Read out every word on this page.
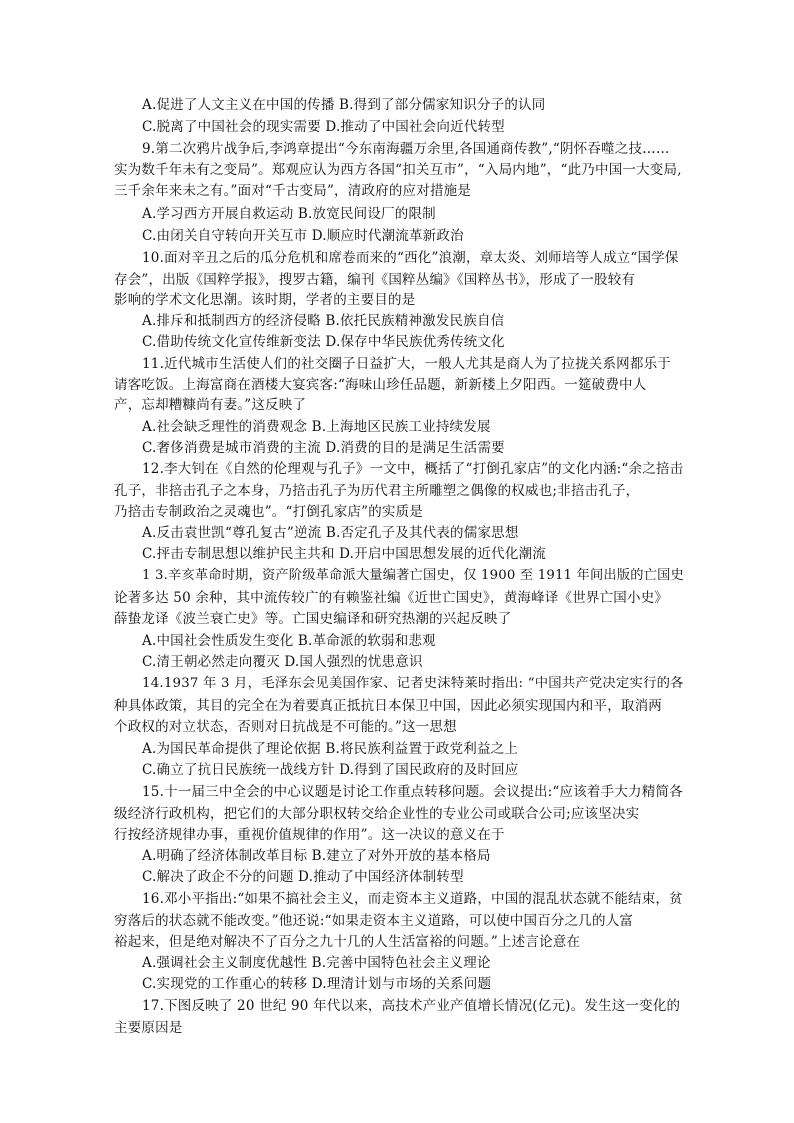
A.促进了人文主义在中国的传播 B.得到了部分儒家知识分子的认同
C.脱离了中国社会的现实需要 D.推动了中国社会向近代转型
9.第二次鸦片战争后,李鸿章提出“今东南海疆万余里,各国通商传教”,“阴怀吞噬之技……
实为数千年未有之变局”。郑观应认为西方各国“扣关互市”，“入局内地”，“此乃中国一大变局,
三千余年来未之有。”面对“千古变局”，清政府的应对措施是
A.学习西方开展自救运动 B.放宽民间设厂的限制
C.由闭关自守转向开关互市 D.顺应时代潮流革新政治
10.面对辛丑之后的瓜分危机和席卷而来的“西化”浪潮，章太炎、刘师培等人成立“国学保
存会”，出版《国粹学报》，搜罗古籍，编刊《国粹丛编》《国粹丛书》，形成了一股较有
影响的学术文化思潮。该时期，学者的主要目的是
A.排斥和抵制西方的经济侵略 B.依托民族精神激发民族自信
C.借助传统文化宣传维新变法 D.保存中华民族优秀传统文化
11.近代城市生活使人们的社交圈子日益扩大，一般人尤其是商人为了拉拢关系网都乐于
请客吃饭。上海富商在酒楼大宴宾客:“海味山珍任品题，新新楼上夕阳西。一筵破费中人
产，忘却糟糠尚有妻。”这反映了
A.社会缺乏理性的消费观念 B.上海地区民族工业持续发展
C.奢侈消费是城市消费的主流 D.消费的目的是满足生活需要
12.李大钊在《自然的伦理观与孔子》一文中，概括了“打倒孔家店”的文化内涵:“余之掊击
孔子，非掊击孔子之本身，乃掊击孔子为历代君主所雕塑之偶像的权威也;非掊击孔子，
乃掊击专制政治之灵魂也”。“打倒孔家店”的实质是
A.反击袁世凯“尊孔复古”逆流 B.否定孔子及其代表的儒家思想
C.抨击专制思想以维护民主共和 D.开启中国思想发展的近代化潮流
1 3.辛亥革命时期，资产阶级革命派大量编著亡国史，仅 1900 至 1911 年间出版的亡国史
论著多达 50 余种，其中流传较广的有赖鉴社编《近世亡国史》，黄海峰译《世界亡国小史》
薛蛰龙译《波兰衰亡史》等。亡国史编译和研究热潮的兴起反映了
A.中国社会性质发生变化 B.革命派的软弱和悲观
C.清王朝必然走向覆灭 D.国人强烈的忧患意识
14.1937 年 3 月，毛泽东会见美国作家、记者史沫特莱时指出: “中国共产党决定实行的各
种具体政策，其目的完全在为着要真正抵抗日本保卫中国，因此必须实现国内和平，取消两
个政权的对立状态，否则对日抗战是不可能的。”这一思想
A.为国民革命提供了理论依据 B.将民族利益置于政党利益之上
C.确立了抗日民族统一战线方针 D.得到了国民政府的及时回应
15.十一届三中全会的中心议题是讨论工作重点转移问题。会议提出:“应该着手大力精简各
级经济行政机构，把它们的大部分职权转交给企业性的专业公司或联合公司;应该坚决实
行按经济规律办事，重视价值规律的作用”。这一决议的意义在于
A.明确了经济体制改革目标 B.建立了对外开放的基本格局
C.解决了政企不分的问题 D.推动了中国经济体制转型
16.邓小平指出:“如果不搞社会主义，而走资本主义道路，中国的混乱状态就不能结束，贫
穷落后的状态就不能改变。”他还说:“如果走资本主义道路，可以使中国百分之几的人富
裕起来，但是绝对解决不了百分之九十几的人生活富裕的问题。”上述言论意在
A.强调社会主义制度优越性 B.完善中国特色社会主义理论
C.实现党的工作重心的转移 D.理清计划与市场的关系问题
17.下图反映了 20 世纪 90 年代以来，高技术产业产值增长情况(亿元)。发生这一变化的
主要原因是
